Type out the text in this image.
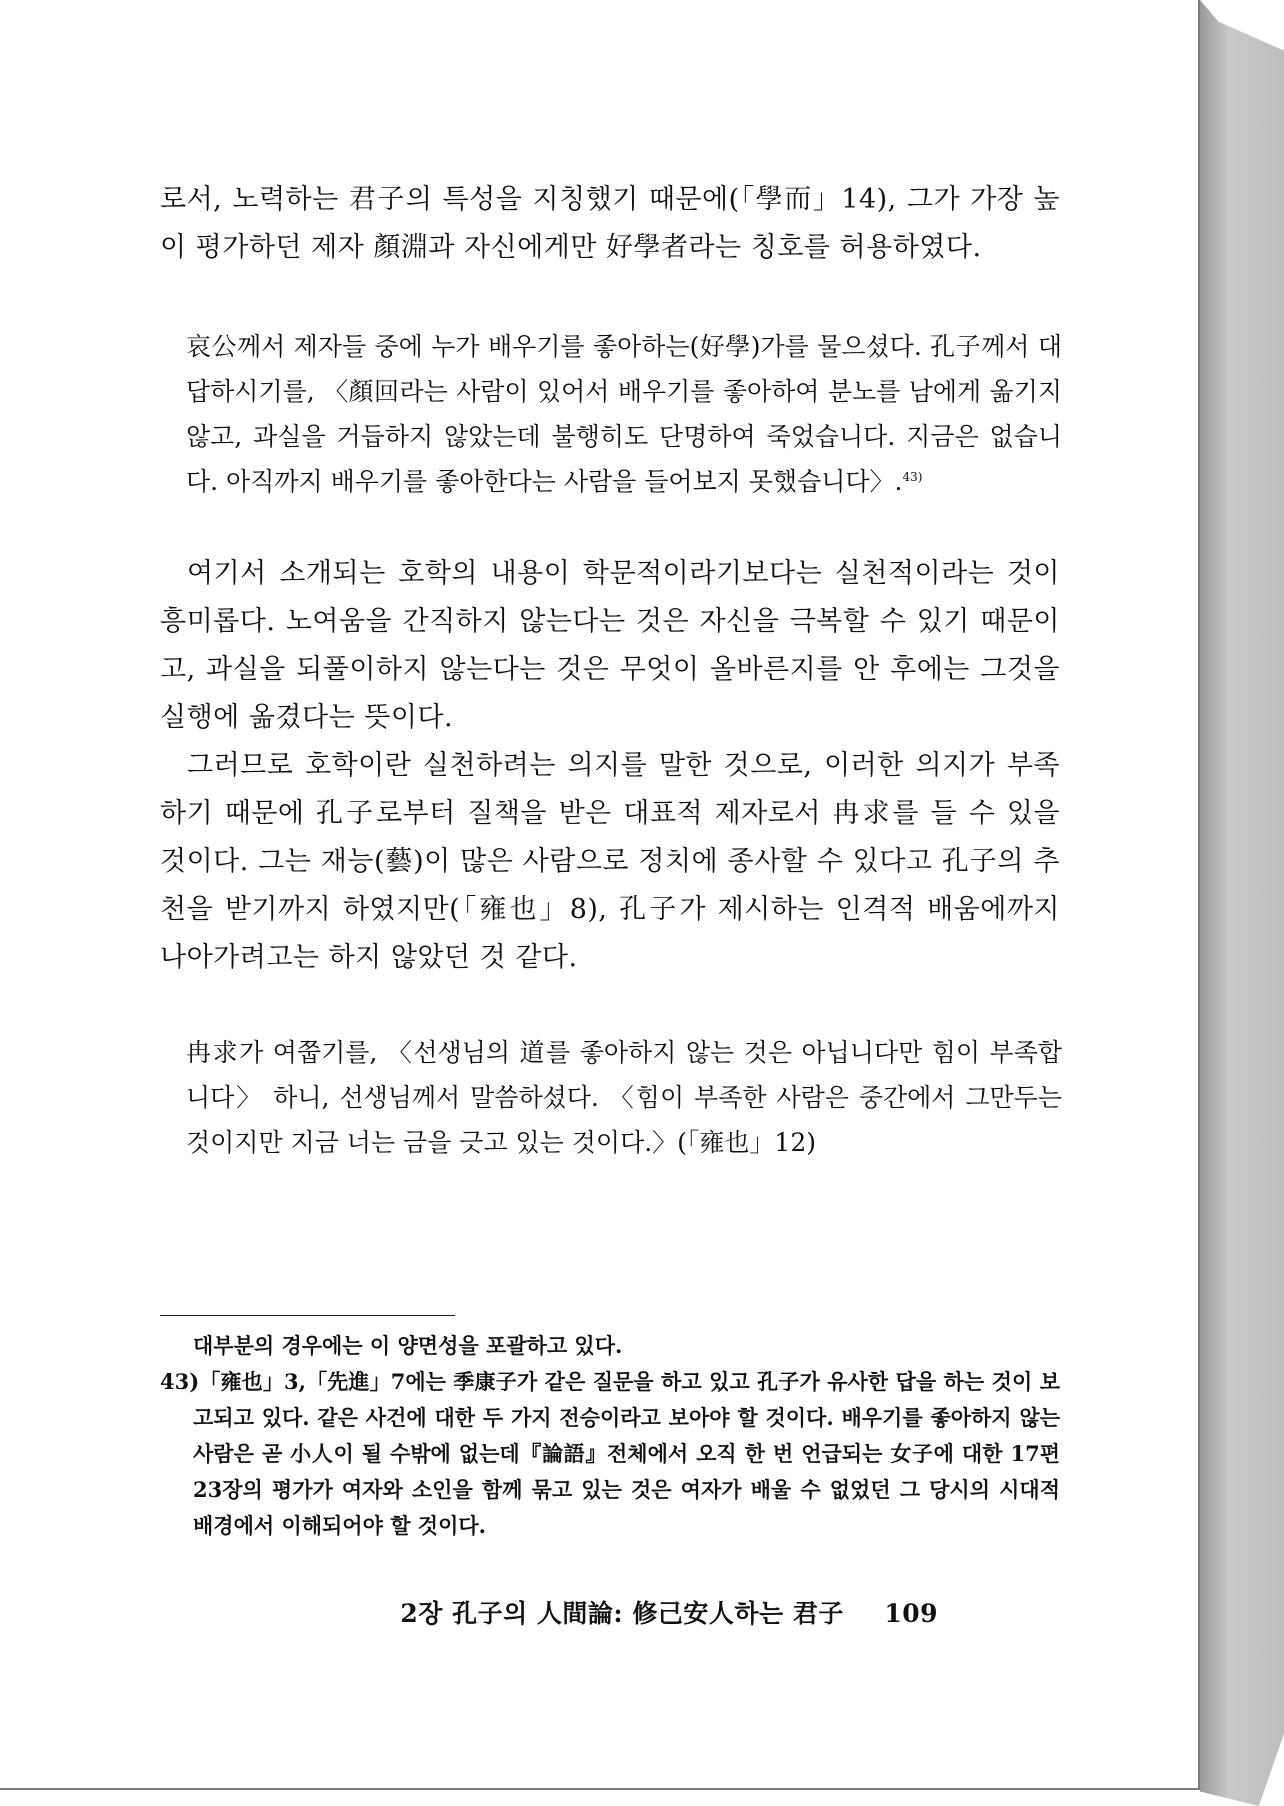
로서, 노력하는 君子의 특성을 지칭했기 때문에(「學而」14), 그가 가장 높이 평가하던 제자 顏淵과 자신에게만 好學者라는 칭호를 허용하였다.

哀公께서 제자들 중에 누가 배우기를 좋아하는(好學)가를 물으셨다. 孔子께서 대답하시기를, 〈顏回라는 사람이 있어서 배우기를 좋아하여 분노를 남에게 옮기지 않고, 과실을 거듭하지 않았는데 불행히도 단명하여 죽었습니다. 지금은 없습니다. 아직까지 배우기를 좋아한다는 사람을 들어보지 못했습니다〉.$^{43)}$

여기서 소개되는 호학의 내용이 학문적이라기보다는 실천적이라는 것이 흥미롭다. 노여움을 간직하지 않는다는 것은 자신을 극복할 수 있기 때문이고, 과실을 되풀이하지 않는다는 것은 무엇이 올바른지를 안 후에는 그것을 실행에 옮겼다는 뜻이다.

그러므로 호학이란 실천하려는 의지를 말한 것으로, 이러한 의지가 부족하기 때문에 孔子로부터 질책을 받은 대표적 제자로서 冉求를 들 수 있을 것이다. 그는 재능(藝)이 많은 사람으로 정치에 종사할 수 있다고 孔子의 추천을 받기까지 하였지만(「雍也」8), 孔子가 제시하는 인격적 배움에까지 나아가려고는 하지 않았던 것 같다.

冉求가 여쭙기를, 〈선생님의 道를 좋아하지 않는 것은 아닙니다만 힘이 부족합니다〉 하니, 선생님께서 말씀하셨다. 〈힘이 부족한 사람은 중간에서 그만두는 것이지만 지금 너는 금을 긋고 있는 것이다.〉(「雍也」12)

대부분의 경우에는 이 양면성을 포괄하고 있다.

43)「雍也」3,「先進」7에는 季康子가 같은 질문을 하고 있고 孔子가 유사한 답을 하는 것이 보고되고 있다. 같은 사건에 대한 두 가지 전승이라고 보아야 할 것이다. 배우기를 좋아하지 않는 사람은 곧 小人이 될 수밖에 없는데『論語』전체에서 오직 한 번 언급되는 女子에 대한 17편 23장의 평가가 여자와 소인을 함께 묶고 있는 것은 여자가 배울 수 없었던 그 당시의 시대적 배경에서 이해되어야 할 것이다.

2장 孔子의 人間論: 修己安人하는 君子 109
